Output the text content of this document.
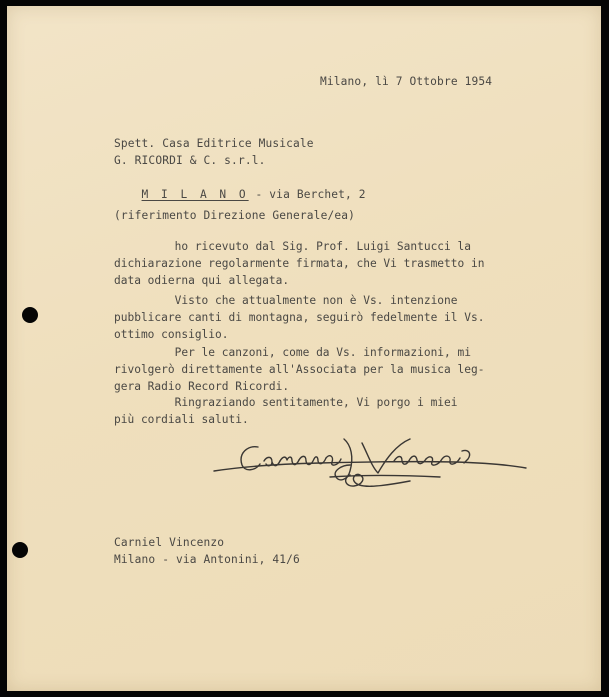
Milano, lì 7 Ottobre 1954
Spett. Casa Editrice Musicale
G. RICORDI & C. s.r.l.

M I L A N O - via Berchet, 2

(riferimento Direzione Generale/ea)
ho ricevuto dal Sig. Prof. Luigi Santucci la
dichiarazione regolarmente firmata, che Vi trasmetto in
data odierna qui allegata.
Visto che attualmente non è Vs. intenzione
pubblicare canti di montagna, seguirò fedelmente il Vs.
ottimo consiglio.
Per le canzoni, come da Vs. informazioni, mi
rivolgerò direttamente all'Associata per la musica leg-
gera Radio Record Ricordi.
Ringraziando sentitamente, Vi porgo i miei
più cordiali saluti.
Carniel Vincenzo
Milano - via Antonini, 41/6
